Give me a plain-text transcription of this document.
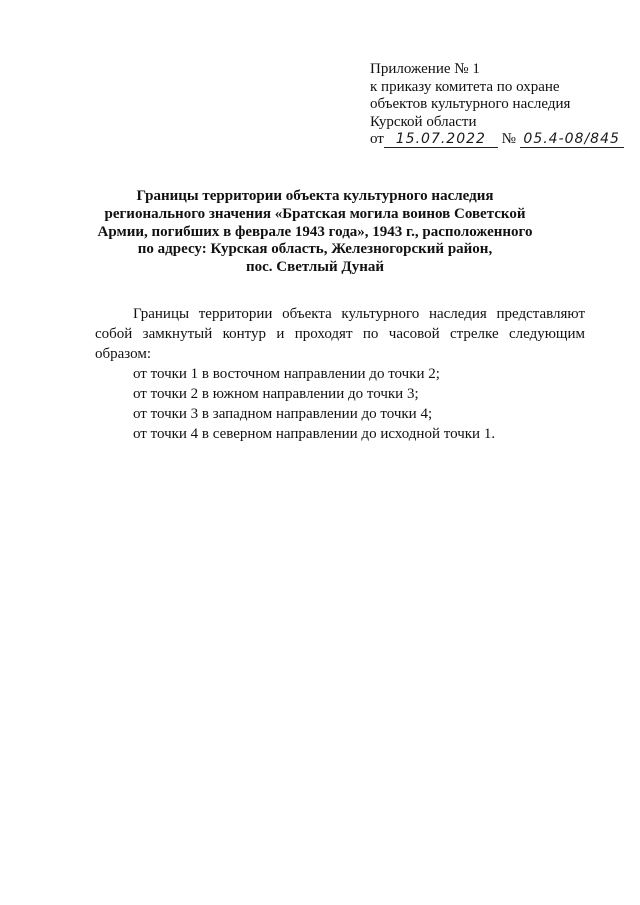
Приложение № 1
к приказу комитета по охране
объектов культурного наследия
Курской области
от 15.07.2022 № 05.4-08/845
Границы территории объекта культурного наследия
регионального значения «Братская могила воинов Советской
Армии, погибших в феврале 1943 года», 1943 г., расположенного
по адресу: Курская область, Железногорский район,
пос. Светлый Дунай

Границы территории объекта культурного наследия представляют собой замкнутый контур и проходят по часовой стрелке следующим образом:

от точки 1 в восточном направлении до точки 2;

от точки 2 в южном направлении до точки 3;

от точки 3 в западном направлении до точки 4;

от точки 4 в северном направлении до исходной точки 1.
